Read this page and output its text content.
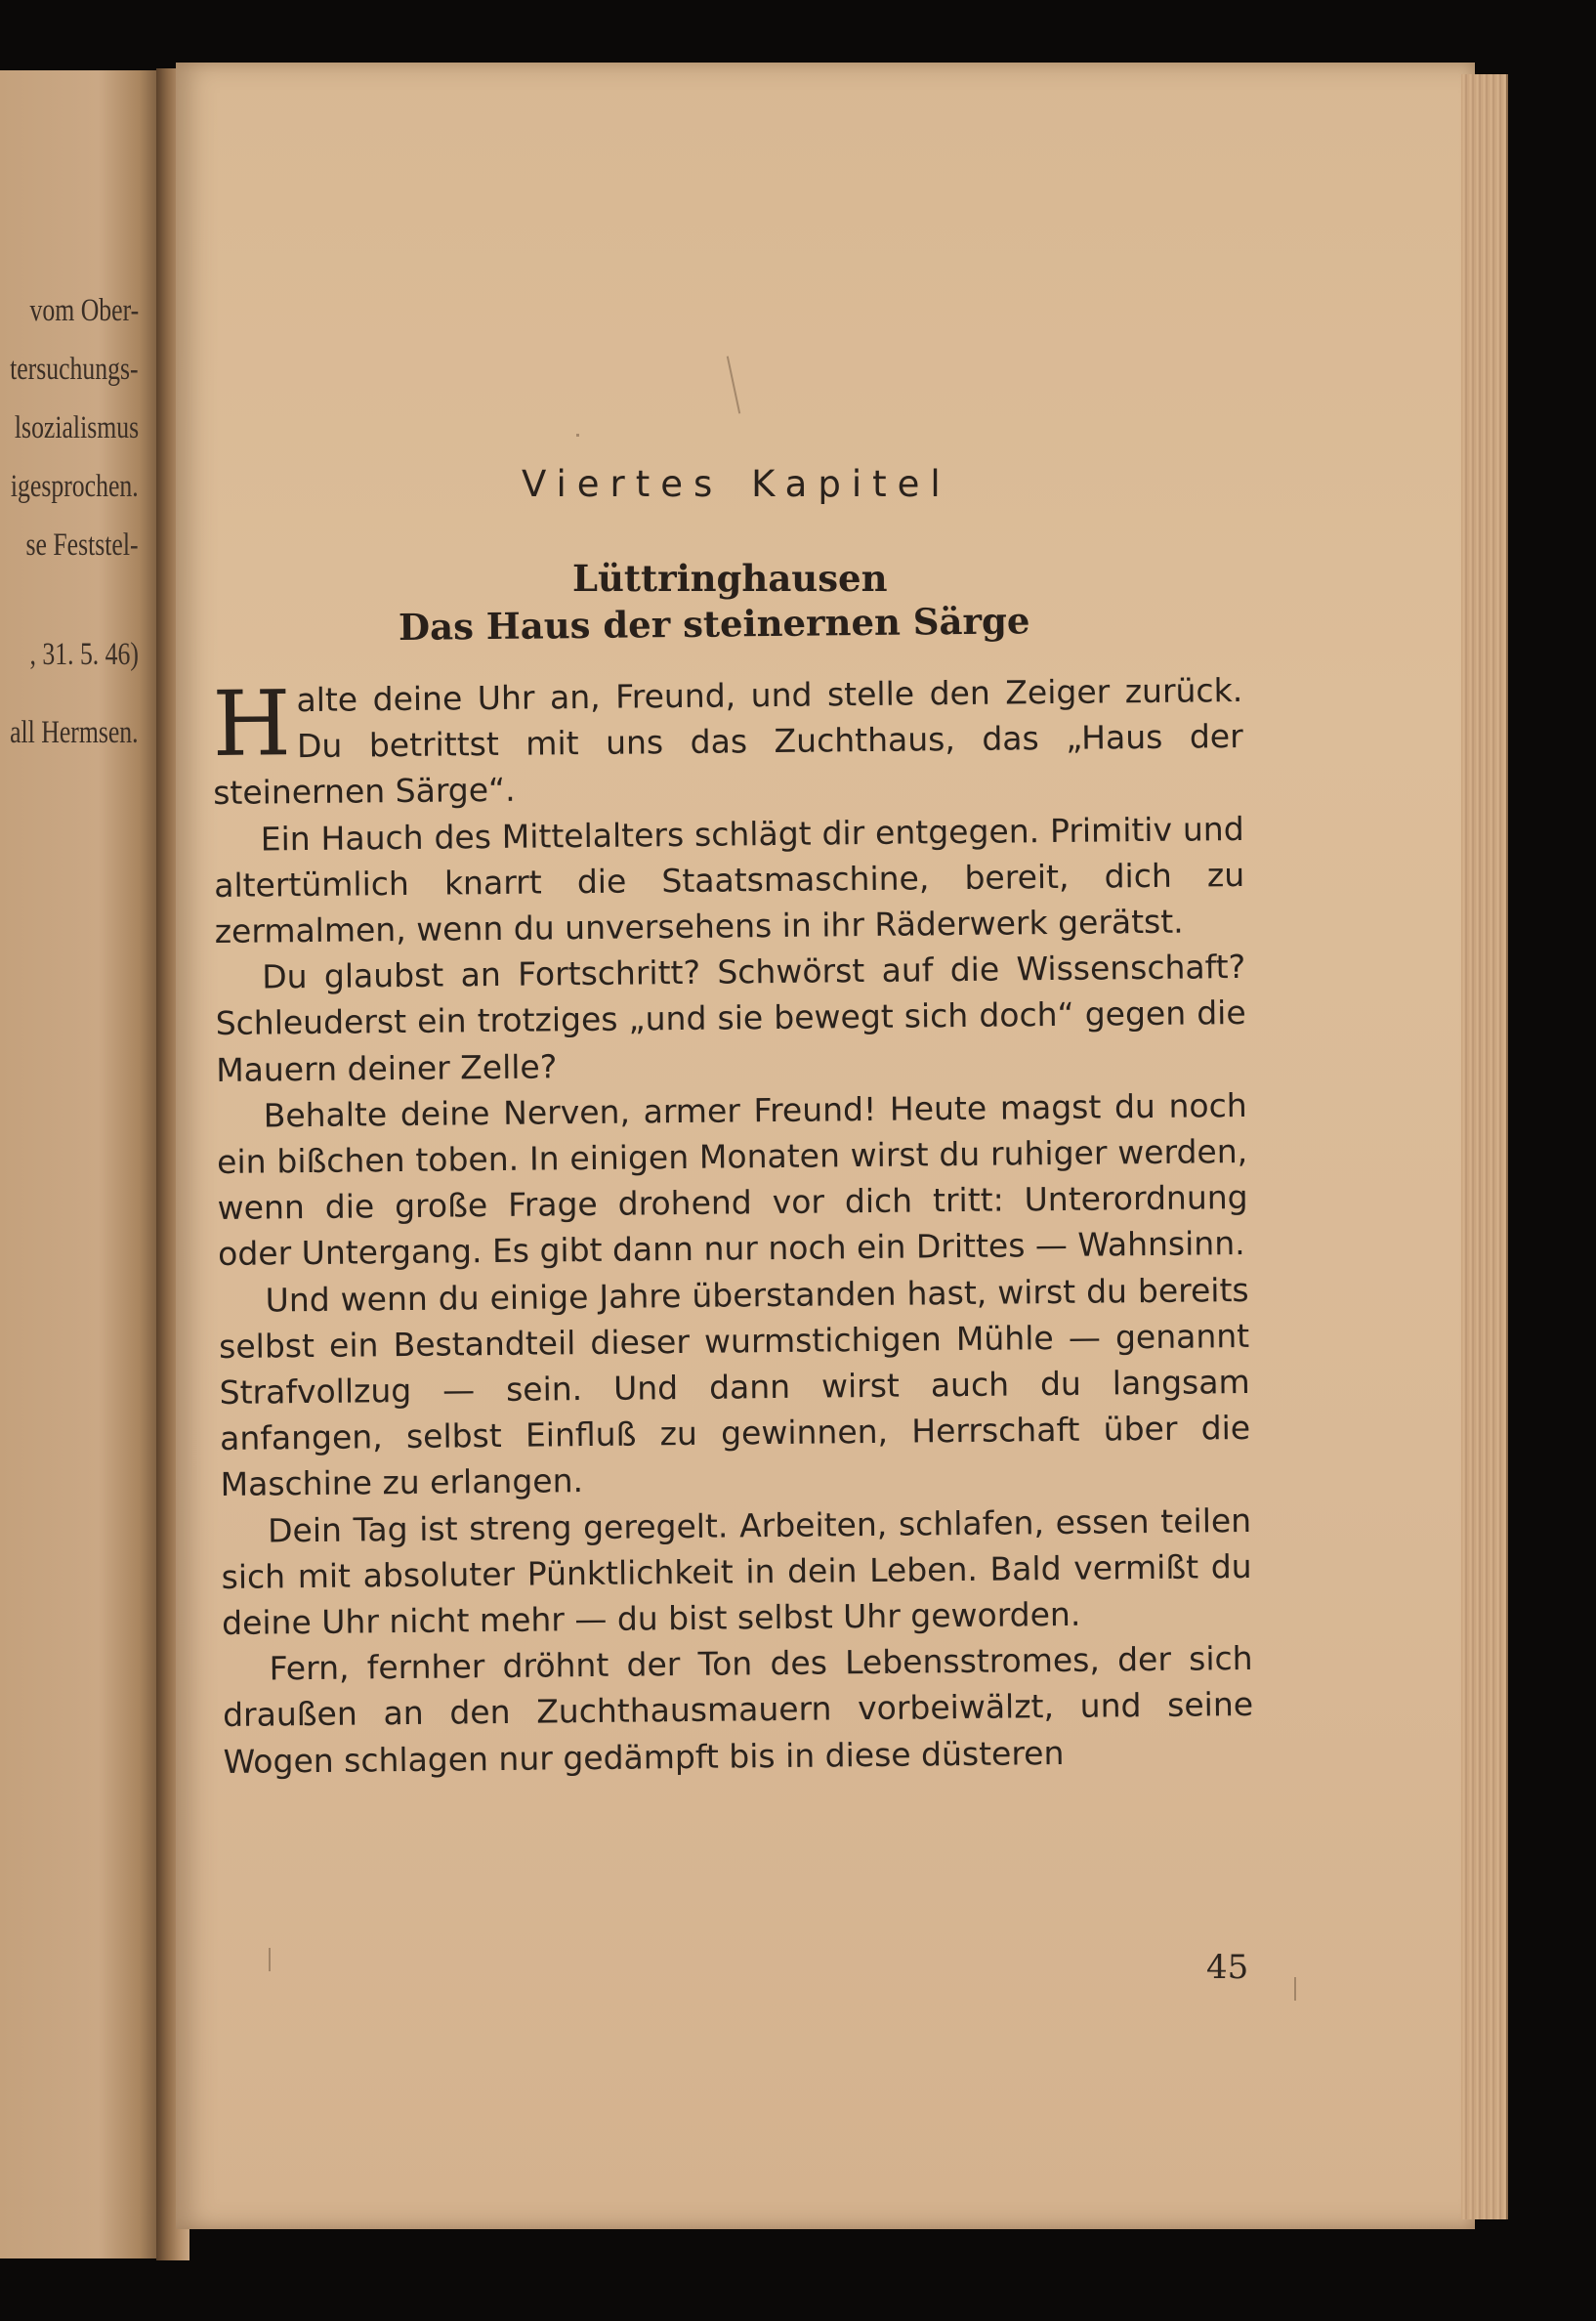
vom Ober-
tersuchungs-
lsozialismus
igesprochen.
se Feststel-
, 31. 5. 46)
all Hermsen.
Viertes Kapitel
Lüttringhausen
Das Haus der steinernen Särge

Halte deine Uhr an, Freund, und stelle den Zeiger zurück. Du betrittst mit uns das Zuchthaus, das „Haus der steinernen Särge“.

Ein Hauch des Mittelalters schlägt dir entgegen. Primitiv und altertümlich knarrt die Staatsmaschine, bereit, dich zu zermalmen, wenn du unversehens in ihr Räderwerk gerätst.

Du glaubst an Fortschritt? Schwörst auf die Wissenschaft? Schleuderst ein trotziges „und sie bewegt sich doch“ gegen die Mauern deiner Zelle?

Behalte deine Nerven, armer Freund! Heute magst du noch ein bißchen toben. In einigen Monaten wirst du ruhiger werden, wenn die große Frage drohend vor dich tritt: Unterordnung oder Untergang. Es gibt dann nur noch ein Drittes — Wahnsinn.

Und wenn du einige Jahre überstanden hast, wirst du bereits selbst ein Bestandteil dieser wurmstichigen Mühle — genannt Strafvollzug — sein. Und dann wirst auch du langsam anfangen, selbst Einfluß zu gewinnen, Herrschaft über die Maschine zu erlangen.

Dein Tag ist streng geregelt. Arbeiten, schlafen, essen teilen sich mit absoluter Pünktlichkeit in dein Leben. Bald vermißt du deine Uhr nicht mehr — du bist selbst Uhr geworden.

Fern, fernher dröhnt der Ton des Lebensstromes, der sich draußen an den Zuchthausmauern vorbeiwälzt, und seine Wogen schlagen nur gedämpft bis in diese düsteren

45
